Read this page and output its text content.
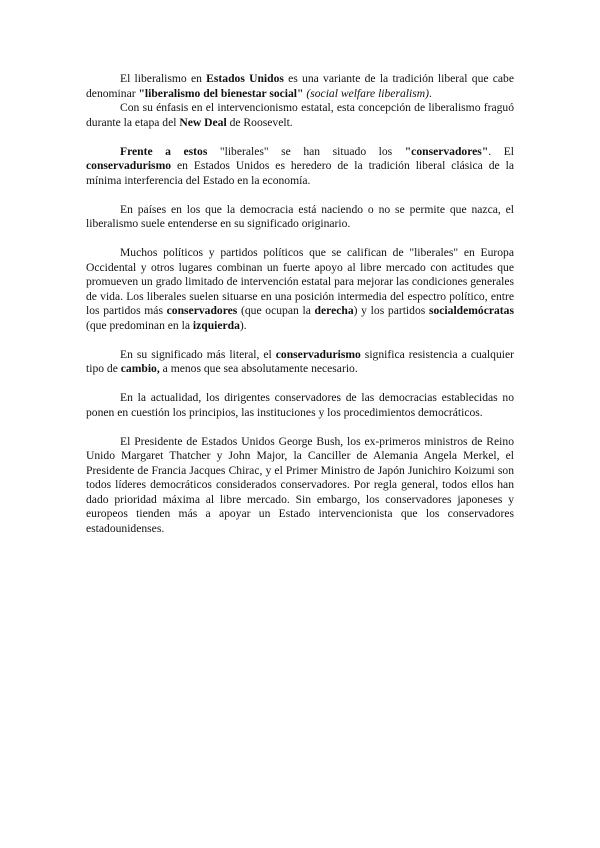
El liberalismo en Estados Unidos es una variante de la tradición liberal que cabe denominar "liberalismo del bienestar social" (social welfare liberalism).

Con su énfasis en el intervencionismo estatal, esta concepción de liberalismo fraguó durante la etapa del New Deal de Roosevelt.

Frente a estos "liberales" se han situado los "conservadores". El conservadurismo en Estados Unidos es heredero de la tradición liberal clásica de la mínima interferencia del Estado en la economía.

En países en los que la democracia está naciendo o no se permite que nazca, el liberalismo suele entenderse en su significado originario.

Muchos políticos y partidos políticos que se califican de "liberales" en Europa Occidental y otros lugares combinan un fuerte apoyo al libre mercado con actitudes que promueven un grado limitado de intervención estatal para mejorar las condiciones generales de vida. Los liberales suelen situarse en una posición intermedia del espectro político, entre los partidos más conservadores (que ocupan la derecha) y los partidos socialdemócratas (que predominan en la izquierda).

En su significado más literal, el conservadurismo significa resistencia a cualquier tipo de cambio, a menos que sea absolutamente necesario.

En la actualidad, los dirigentes conservadores de las democracias establecidas no ponen en cuestión los principios, las instituciones y los procedimientos democráticos.

El Presidente de Estados Unidos George Bush, los ex-primeros ministros de Reino Unido Margaret Thatcher y John Major, la Canciller de Alemania Angela Merkel, el Presidente de Francia Jacques Chirac, y el Primer Ministro de Japón Junichiro Koizumi son todos líderes democráticos considerados conservadores. Por regla general, todos ellos han dado prioridad máxima al libre mercado. Sin embargo, los conservadores japoneses y europeos tienden más a apoyar un Estado intervencionista que los conservadores estadounidenses.
